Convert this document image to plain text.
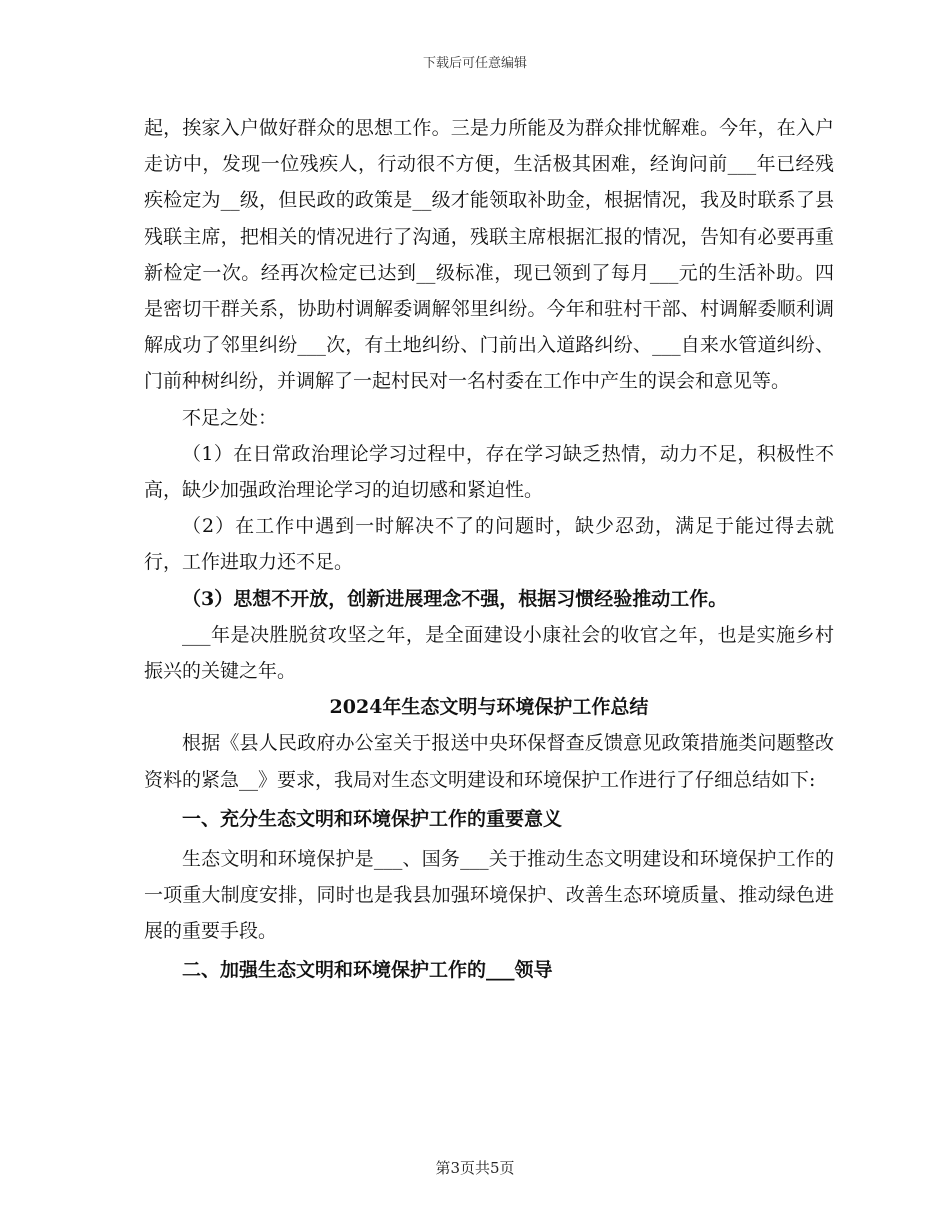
下载后可任意编辑

起，挨家入户做好群众的思想工作。三是力所能及为群众排忧解难。今年，在入户走访中，发现一位残疾人，行动很不方便，生活极其困难，经询问前___年已经残疾检定为__级，但民政的政策是__级才能领取补助金，根据情况，我及时联系了县残联主席，把相关的情况进行了沟通，残联主席根据汇报的情况，告知有必要再重新检定一次。经再次检定已达到__级标准，现已领到了每月___元的生活补助。四是密切干群关系，协助村调解委调解邻里纠纷。今年和驻村干部、村调解委顺利调解成功了邻里纠纷___次，有土地纠纷、门前出入道路纠纷、___自来水管道纠纷、门前种树纠纷，并调解了一起村民对一名村委在工作中产生的误会和意见等。

不足之处：

（1）在日常政治理论学习过程中，存在学习缺乏热情，动力不足，积极性不高，缺少加强政治理论学习的迫切感和紧迫性。

（2）在工作中遇到一时解决不了的问题时，缺少忍劲，满足于能过得去就行，工作进取力还不足。

（3）思想不开放，创新进展理念不强，根据习惯经验推动工作。

___年是决胜脱贫攻坚之年，是全面建设小康社会的收官之年，也是实施乡村振兴的关键之年。

2024年生态文明与环境保护工作总结

根据《县人民政府办公室关于报送中央环保督查反馈意见政策措施类问题整改资料的紧急__》要求，我局对生态文明建设和环境保护工作进行了仔细总结如下:

一、充分生态文明和环境保护工作的重要意义

生态文明和环境保护是___、国务___关于推动生态文明建设和环境保护工作的一项重大制度安排，同时也是我县加强环境保护、改善生态环境质量、推动绿色进展的重要手段。

二、加强生态文明和环境保护工作的___领导

第3页共5页
